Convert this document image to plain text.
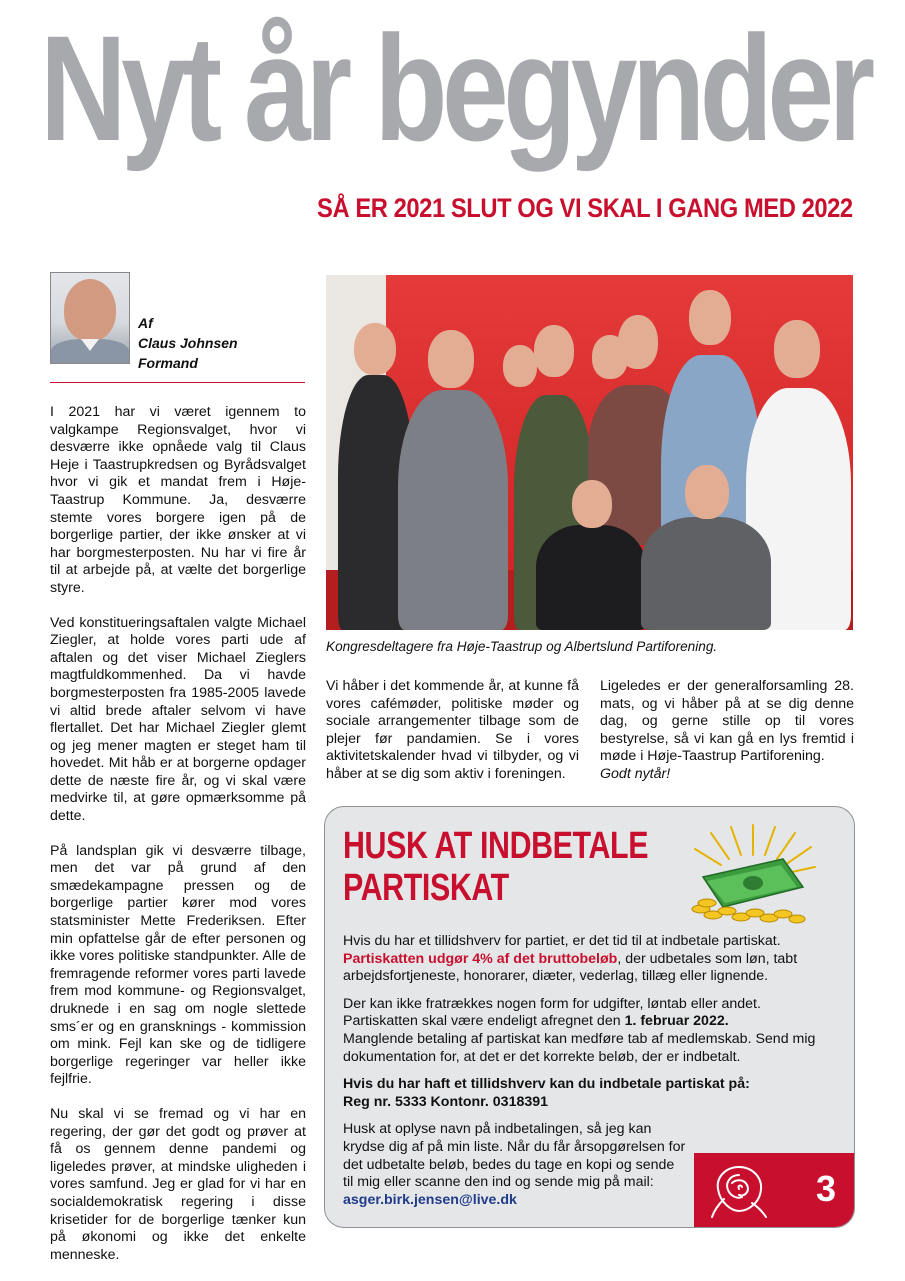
Nyt år begynder
SÅ ER 2021 SLUT OG VI SKAL I GANG MED 2022
Af
Claus Johnsen
Formand

I 2021 har vi været igennem to valgkampe Regionsvalget, hvor vi desværre ikke opnåede valg til Claus Heje i Taastrupkredsen og Byrådsvalget hvor vi gik et mandat frem i Høje-Taastrup Kommune. Ja, desværre stemte vores borgere igen på de borgerlige partier, der ikke ønsker at vi har borgmesterposten. Nu har vi fire år til at arbejde på, at vælte det borgerlige styre.

Ved konstitueringsaftalen valgte Michael Ziegler, at holde vores parti ude af aftalen og det viser Michael Zieglers magtfuldkommenhed. Da vi havde borgmesterposten fra 1985-2005 lavede vi altid brede aftaler selvom vi have flertallet. Det har Michael Ziegler glemt og jeg mener magten er steget ham til hovedet. Mit håb er at borgerne opdager dette de næste fire år, og vi skal være medvirke til, at gøre opmærksomme på dette.

På landsplan gik vi desværre tilbage, men det var på grund af den smædekampagne pressen og de borgerlige partier kører mod vores statsminister Mette Frederiksen. Efter min opfattelse går de efter personen og ikke vores politiske standpunkter. Alle de fremragende reformer vores parti lavede frem mod kommune- og Regionsvalget, druknede i en sag om nogle slettede sms´er og en gransknings - kommission om mink. Fejl kan ske og de tidligere borgerlige regeringer var heller ikke fejlfrie.

Nu skal vi se fremad og vi har en regering, der gør det godt og prøver at få os gennem denne pandemi og ligeledes prøver, at mindske uligheden i vores samfund. Jeg er glad for vi har en socialdemokratisk regering i disse krisetider for de borgerlige tænker kun på økonomi og ikke det enkelte menneske.

Kongresdeltagere fra Høje-Taastrup og Albertslund Partiforening.

Vi håber i det kommende år, at kunne få vores cafémøder, politiske møder og sociale arrangementer tilbage som de plejer før pandamien. Se i vores aktivitetskalender hvad vi tilbyder, og vi håber at se dig som aktiv i foreningen.

Ligeledes er der generalforsamling 28. mats, og vi håber på at se dig denne dag, og gerne stille op til vores bestyrelse, så vi kan gå en lys fremtid i møde i Høje-Taastrup Partiforening.

Godt nytår!
HUSK AT INDBETALE
PARTISKAT

Hvis du har et tillidshverv for partiet, er det tid til at indbetale partiskat.
Partiskatten udgør 4% af det bruttobeløb, der udbetales som løn, tabt arbejdsfortjeneste, honorarer, diæter, vederlag, tillæg eller lignende.

Der kan ikke fratrækkes nogen form for udgifter, løntab eller andet. Partiskatten skal være endeligt afregnet den 1. februar 2022.
Manglende betaling af partiskat kan medføre tab af medlemskab. Send mig dokumentation for, at det er det korrekte beløb, der er indbetalt.

Hvis du har haft et tillidshverv kan du indbetale partiskat på:
Reg nr. 5333 Kontonr. 0318391

Husk at oplyse navn på indbetalingen, så jeg kan krydse dig af på min liste. Når du får årsopgørelsen for det udbetalte beløb, bedes du tage en kopi og sende til mig eller scanne den ind og sende mig på mail:
asger.birk.jensen@live.dk	3
